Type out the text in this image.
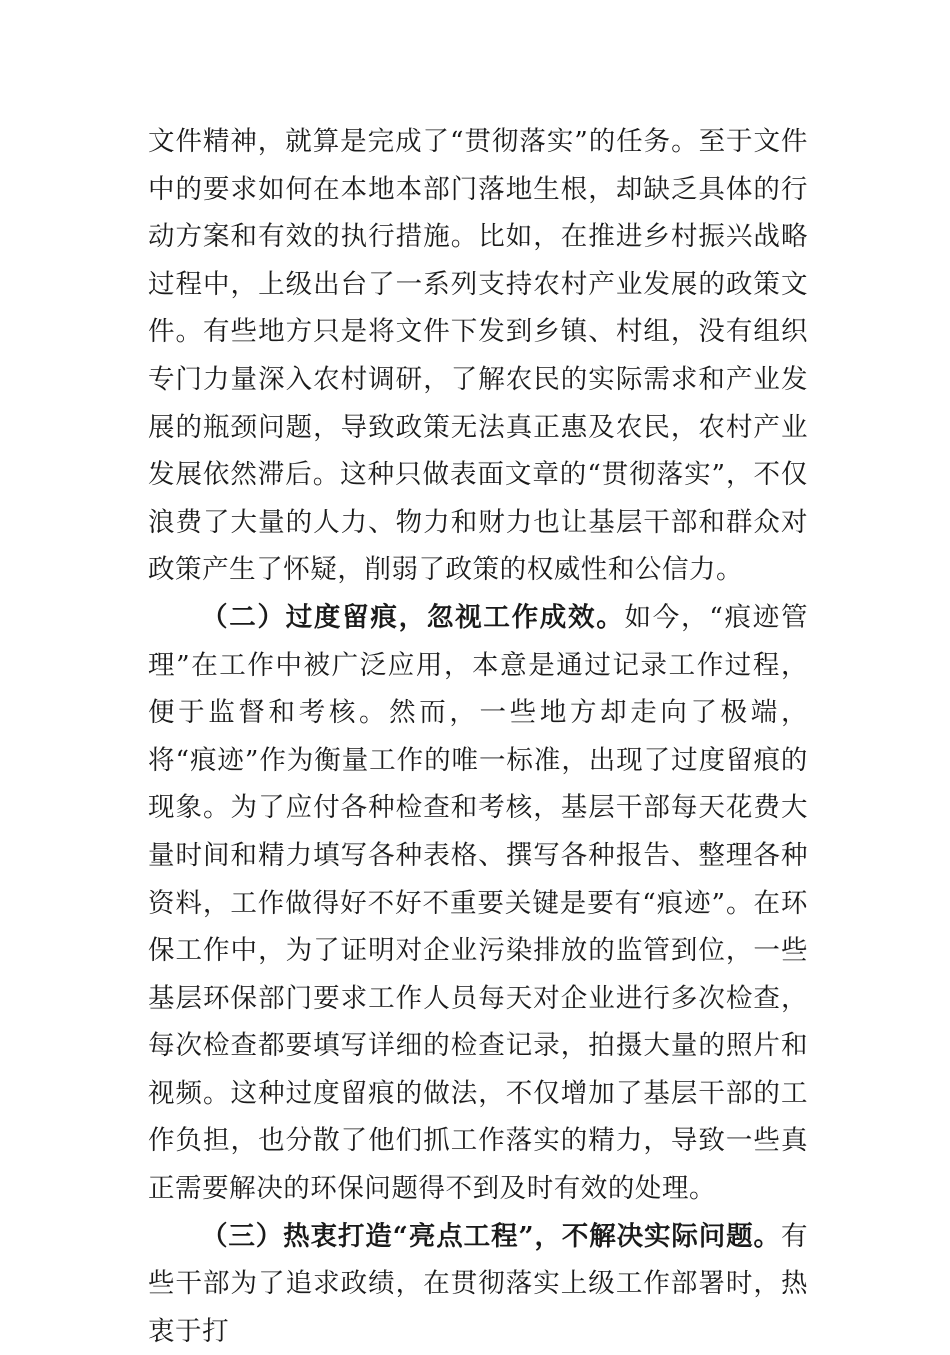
文件精神，就算是完成了“贯彻落实”的任务。至于文件中的要求如何在本地本部门落地生根，却缺乏具体的行动方案和有效的执行措施。比如，在推进乡村振兴战略过程中，上级出台了一系列支持农村产业发展的政策文件。有些地方只是将文件下发到乡镇、村组，没有组织专门力量深入农村调研，了解农民的实际需求和产业发展的瓶颈问题，导致政策无法真正惠及农民，农村产业发展依然滞后。这种只做表面文章的“贯彻落实”，不仅浪费了大量的人力、物力和财力也让基层干部和群众对政策产生了怀疑，削弱了政策的权威性和公信力。

（二）过度留痕，忽视工作成效。如今，“痕迹管理”在工作中被广泛应用，本意是通过记录工作过程，便于监督和考核。然而，一些地方却走向了极端，将“痕迹”作为衡量工作的唯一标准，出现了过度留痕的现象。为了应付各种检查和考核，基层干部每天花费大量时间和精力填写各种表格、撰写各种报告、整理各种资料，工作做得好不好不重要关键是要有“痕迹”。在环保工作中，为了证明对企业污染排放的监管到位，一些基层环保部门要求工作人员每天对企业进行多次检查，每次检查都要填写详细的检查记录，拍摄大量的照片和视频。这种过度留痕的做法，不仅增加了基层干部的工作负担，也分散了他们抓工作落实的精力，导致一些真正需要解决的环保问题得不到及时有效的处理。

（三）热衷打造“亮点工程”，不解决实际问题。有些干部为了追求政绩，在贯彻落实上级工作部署时，热衷于打
